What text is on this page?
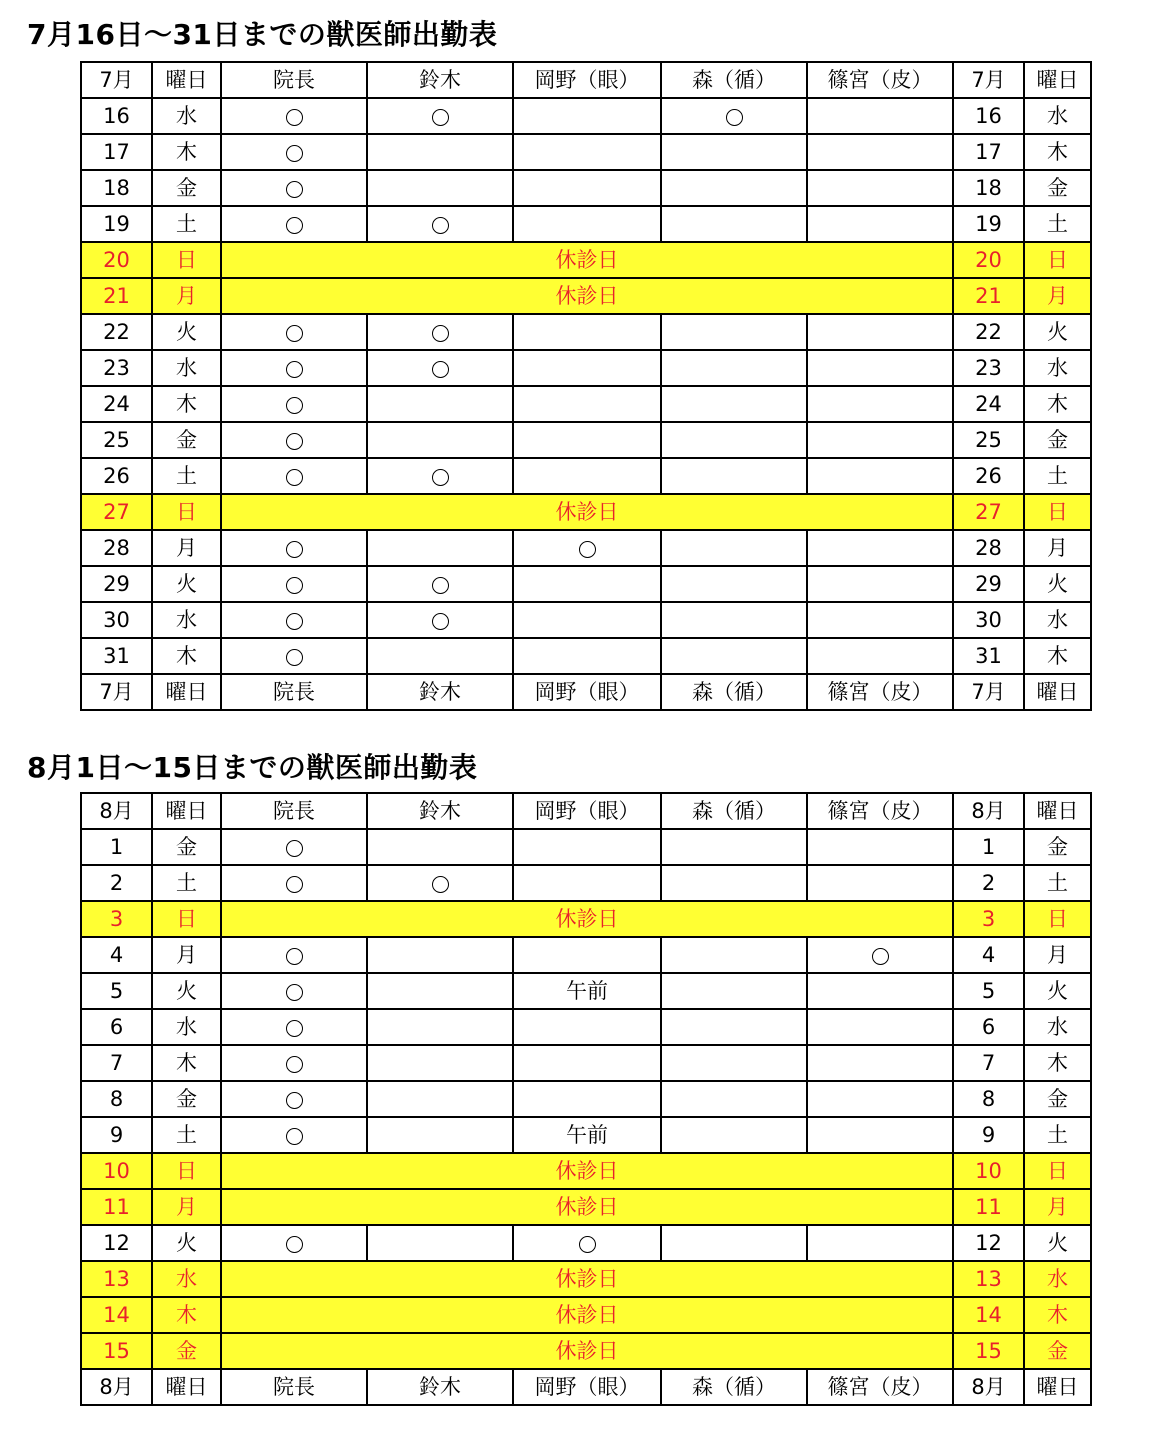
7月16日〜31日までの獣医師出勤表
7月	曜日	院長	鈴木	岡野（眼）	森（循）	篠宮（皮）	7月	曜日
16	水						16	水
17	木						17	木
18	金						18	金
19	土						19	土
20	日	休診日					20	日
21	月	休診日					21	月
22	火						22	火
23	水						23	水
24	木						24	木
25	金						25	金
26	土						26	土
27	日	休診日					27	日
28	月						28	月
29	火						29	火
30	水						30	水
31	木						31	木
7月	曜日	院長	鈴木	岡野（眼）	森（循）	篠宮（皮）	7月	曜日
8月1日〜15日までの獣医師出勤表
8月	曜日	院長	鈴木	岡野（眼）	森（循）	篠宮（皮）	8月	曜日
1	金						1	金
2	土						2	土
3	日	休診日					3	日
4	月						4	月
5	火			午前			5	火
6	水						6	水
7	木						7	木
8	金						8	金
9	土			午前			9	土
10	日	休診日					10	日
11	月	休診日					11	月
12	火						12	火
13	水	休診日					13	水
14	木	休診日					14	木
15	金	休診日					15	金
8月	曜日	院長	鈴木	岡野（眼）	森（循）	篠宮（皮）	8月	曜日
